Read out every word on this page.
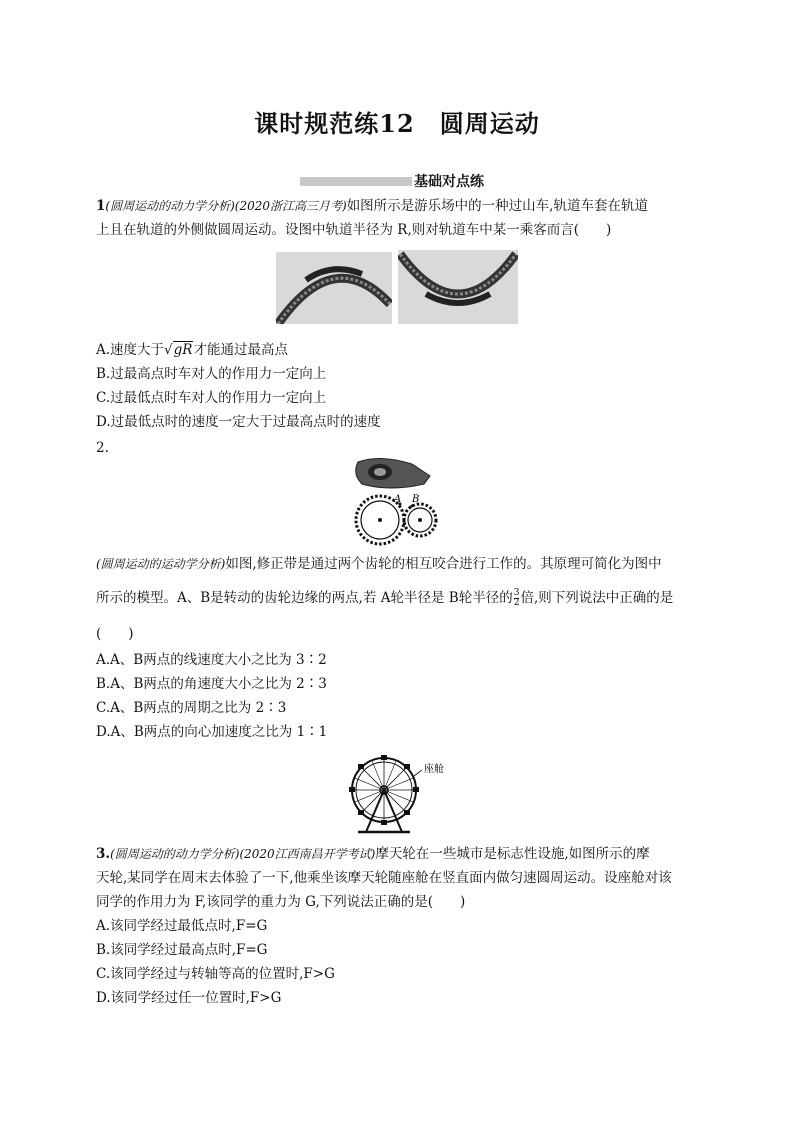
课时规范练12　圆周运动
基础对点练
1(圆周运动的动力学分析)(2020浙江高三月考)如图所示是游乐场中的一种过山车,轨道车套在轨道
上且在轨道的外侧做圆周运动。设图中轨道半径为 R,则对轨道车中某一乘客而言(　　)
A.速度大于√gR才能通过最高点
B.过最高点时车对人的作用力一定向上
C.过最低点时车对人的作用力一定向上
D.过最低点时的速度一定大于过最高点时的速度
2.
A B
(圆周运动的运动学分析)如图,修正带是通过两个齿轮的相互咬合进行工作的。其原理可简化为图中
所示的模型。A、B是转动的齿轮边缘的两点,若 A轮半径是 B轮半径的 $\frac{3}{2}$ 倍,则下列说法中正确的是
(　　)
A.A、B两点的线速度大小之比为 3∶2
B.A、B两点的角速度大小之比为 2∶3
C.A、B两点的周期之比为 2∶3
D.A、B两点的向心加速度之比为 1∶1
座舱
3.(圆周运动的动力学分析)(2020江西南昌开学考试)摩天轮在一些城市是标志性设施,如图所示的摩
天轮,某同学在周末去体验了一下,他乘坐该摩天轮随座舱在竖直面内做匀速圆周运动。设座舱对该
同学的作用力为 F,该同学的重力为 G,下列说法正确的是(　　)
A.该同学经过最低点时,F=G
B.该同学经过最高点时,F=G
C.该同学经过与转轴等高的位置时,F>G
D.该同学经过任一位置时,F>G
